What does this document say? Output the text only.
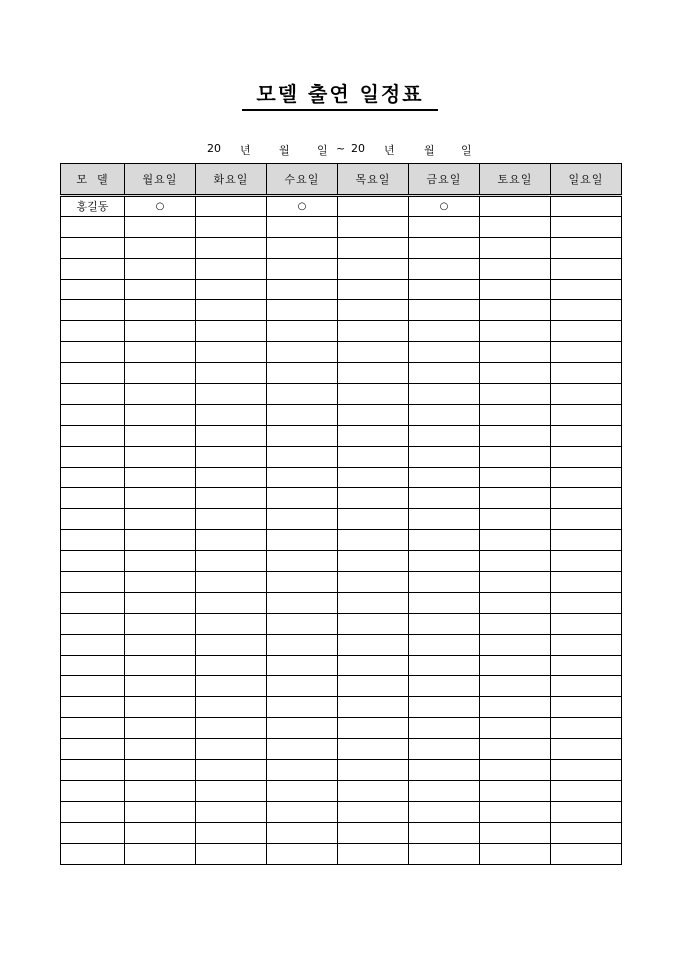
모델 출연 일정표
20 년	월 일 ~ 20 년	월 일
모  델	월요일	화요일	수요일	목요일	금요일	토요일	일요일
홍길동	○		○		○		
